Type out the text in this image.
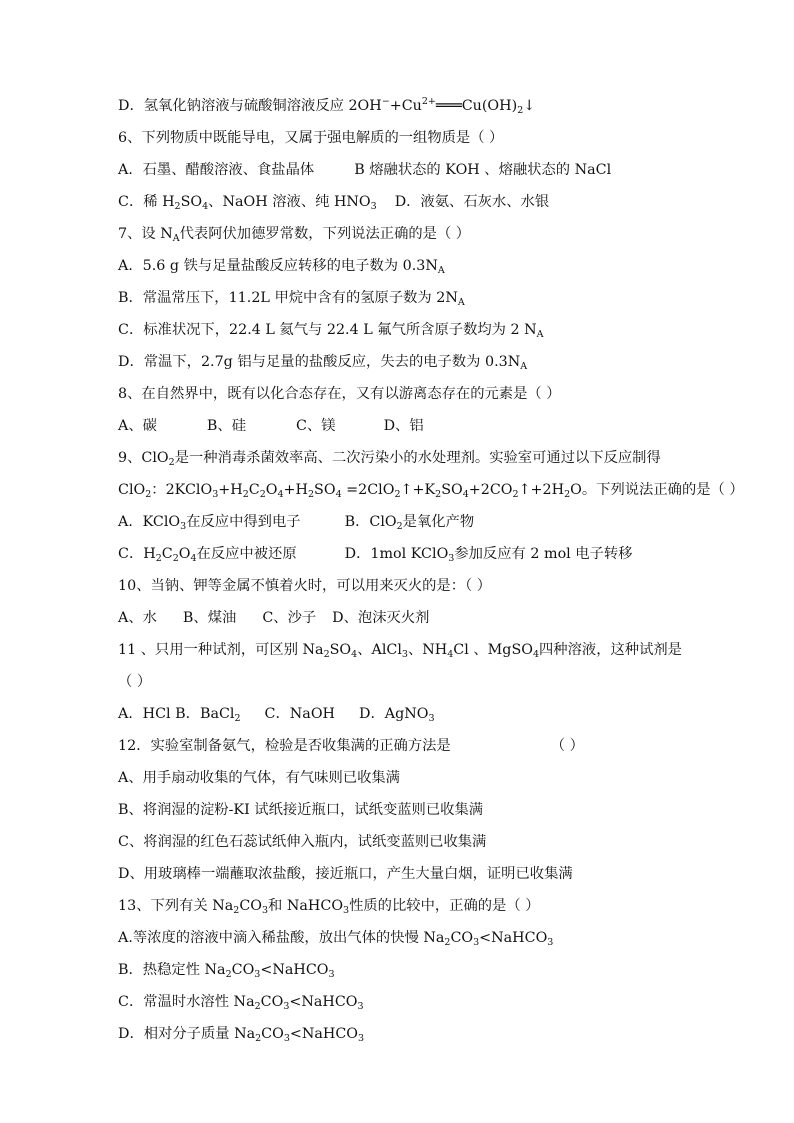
D．氢氧化钠溶液与硫酸铜溶液反应 $2OH^-+Cu^{2+}═══Cu(OH)_2↓$
6、下列物质中既能导电，又属于强电解质的一组物质是（ ）
A．石墨、醋酸溶液、食盐晶体	B 熔融状态的 KOH 、熔融状态的 NaCl
C．稀 $H_2SO_4$、NaOH 溶液、纯 $HNO_3$ D．液氨、石灰水、水银
7、设 $N_A$代表阿伏加德罗常数，下列说法正确的是（ ）
A．5.6 g 铁与足量盐酸反应转移的电子数为 $0.3N_A$
B．常温常压下，11.2L 甲烷中含有的氢原子数为 $2N_A$
C．标准状况下，22.4 L 氦气与 22.4 L 氟气所含原子数均为 2 $N_A$
D．常温下，2.7g 铝与足量的盐酸反应，失去的电子数为 $0.3N_A$
8、在自然界中，既有以化合态存在，又有以游离态存在的元素是（ ）
A、碳	B、硅	C、镁	D、铝
9、ClO$_2$是一种消毒杀菌效率高、二次污染小的水处理剂。实验室可通过以下反应制得
ClO$_2$：$2KClO_3+H_2C_2O_4+H_2SO_4$ $=2ClO_2↑+K_2SO_4+2CO_2↑+2H_2O$。下列说法正确的是（ ）
A．KClO$_3$在反应中得到电子	B．ClO$_2$是氧化产物
C．$H_2C_2O_4$在反应中被还原	D．1mol KClO$_3$参加反应有 2 mol 电子转移
10、当钠、钾等金属不慎着火时，可以用来灭火的是：（ ）
A、水 B、煤油 C、沙子 D、泡沫灭火剂
11 、只用一种试剂，可区别 $Na_2SO_4$、AlCl$_3$、$NH_4Cl$ 、MgSO$_4$四种溶液，这种试剂是
（ ）
A．HCl B．BaCl$_2$ C．NaOH D．AgNO$_3$
12．实验室制备氨气，检验是否收集满的正确方法是	（ ）
A、用手扇动收集的气体，有气味则已收集满
B、将润湿的淀粉-KI 试纸接近瓶口，试纸变蓝则已收集满
C、将润湿的红色石蕊试纸伸入瓶内，试纸变蓝则已收集满
D、用玻璃棒一端蘸取浓盐酸，接近瓶口，产生大量白烟，证明已收集满
13、下列有关 $Na_2CO_3$和 NaHCO$_3$性质的比较中，正确的是（ ）
A.等浓度的溶液中滴入稀盐酸，放出气体的快慢 $Na_2CO_3<NaHCO_3$
B．热稳定性 $Na_2CO_3<NaHCO_3$
C．常温时水溶性 $Na_2CO_3<NaHCO_3$
D．相对分子质量 $Na_2CO_3<NaHCO_3$
